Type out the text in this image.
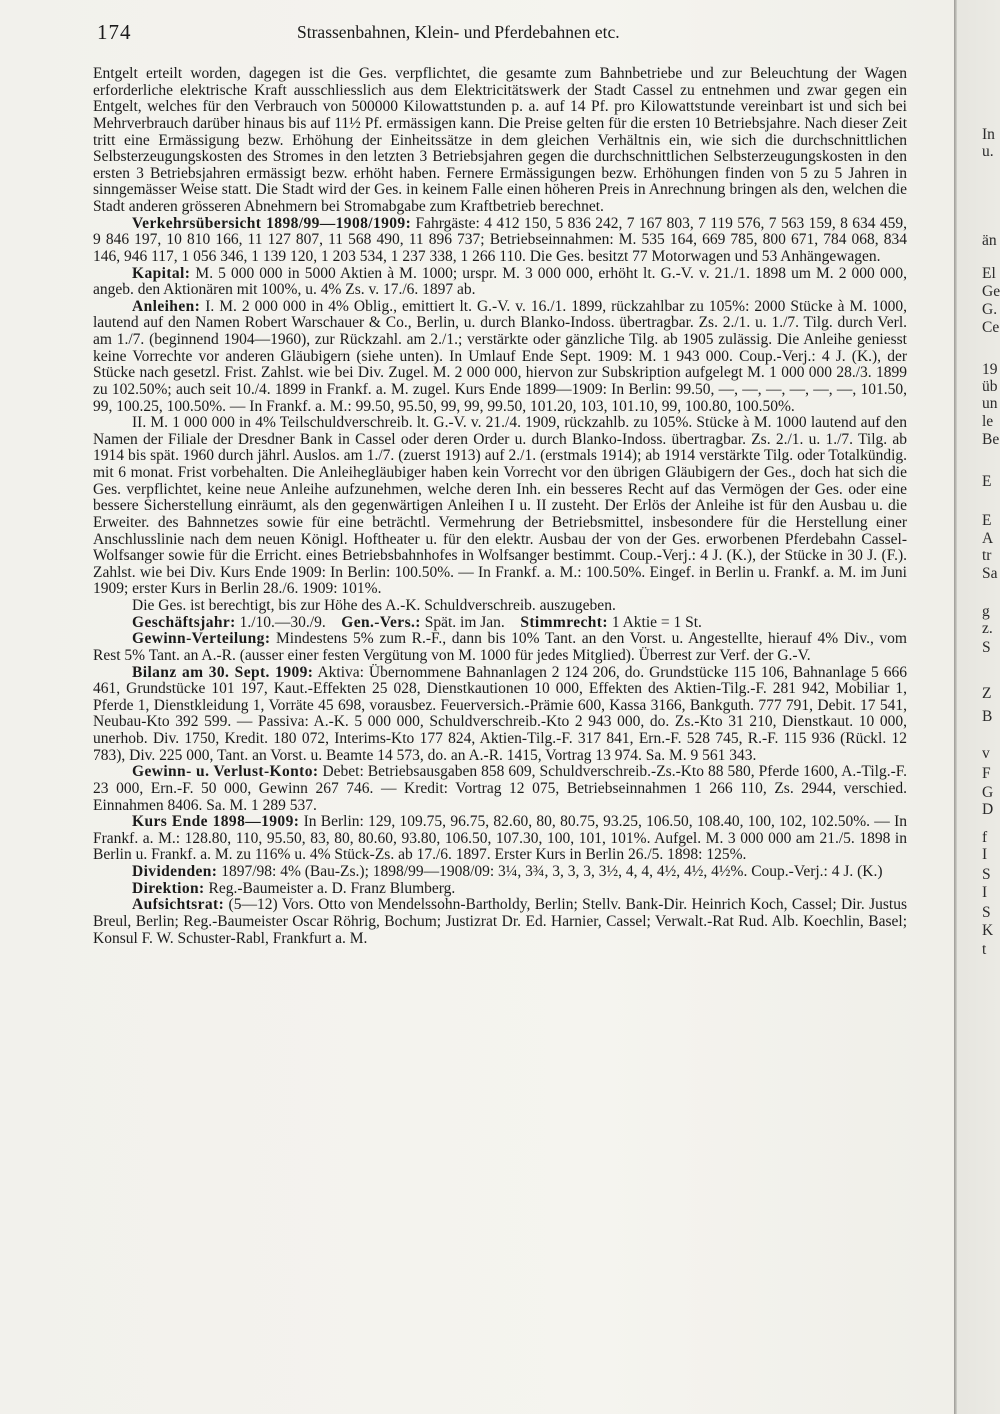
174	Strassenbahnen, Klein- und Pferdebahnen etc.

Entgelt erteilt worden, dagegen ist die Ges. verpflichtet, die gesamte zum Bahnbetriebe und zur Beleuchtung der Wagen erforderliche elektrische Kraft ausschliesslich aus dem Elektricitätswerk der Stadt Cassel zu entnehmen und zwar gegen ein Entgelt, welches für den Verbrauch von 500000 Kilowattstunden p. a. auf 14 Pf. pro Kilowattstunde vereinbart ist und sich bei Mehrverbrauch darüber hinaus bis auf 11½ Pf. ermässigen kann. Die Preise gelten für die ersten 10 Betriebsjahre. Nach dieser Zeit tritt eine Ermässigung bezw. Erhöhung der Einheitssätze in dem gleichen Verhältnis ein, wie sich die durchschnittlichen Selbsterzeugungskosten des Stromes in den letzten 3 Betriebsjahren gegen die durchschnittlichen Selbsterzeugungskosten in den ersten 3 Betriebsjahren ermässigt bezw. erhöht haben. Fernere Ermässigungen bezw. Erhöhungen finden von 5 zu 5 Jahren in sinngemässer Weise statt. Die Stadt wird der Ges. in keinem Falle einen höheren Preis in Anrechnung bringen als den, welchen die Stadt anderen grösseren Abnehmern bei Stromabgabe zum Kraftbetrieb berechnet.

Verkehrsübersicht 1898/99—1908/1909: Fahrgäste: 4 412 150, 5 836 242, 7 167 803, 7 119 576, 7 563 159, 8 634 459, 9 846 197, 10 810 166, 11 127 807, 11 568 490, 11 896 737; Betriebseinnahmen: M. 535 164, 669 785, 800 671, 784 068, 834 146, 946 117, 1 056 346, 1 139 120, 1 203 534, 1 237 338, 1 266 110. Die Ges. besitzt 77 Motorwagen und 53 Anhängewagen.

Kapital: M. 5 000 000 in 5000 Aktien à M. 1000; urspr. M. 3 000 000, erhöht lt. G.-V. v. 21./1. 1898 um M. 2 000 000, angeb. den Aktionären mit 100%, u. 4% Zs. v. 17./6. 1897 ab.

Anleihen: I. M. 2 000 000 in 4% Oblig., emittiert lt. G.-V. v. 16./1. 1899, rückzahlbar zu 105%: 2000 Stücke à M. 1000, lautend auf den Namen Robert Warschauer & Co., Berlin, u. durch Blanko-Indoss. übertragbar. Zs. 2./1. u. 1./7. Tilg. durch Verl. am 1./7. (beginnend 1904—1960), zur Rückzahl. am 2./1.; verstärkte oder gänzliche Tilg. ab 1905 zulässig. Die Anleihe geniesst keine Vorrechte vor anderen Gläubigern (siehe unten). In Umlauf Ende Sept. 1909: M. 1 943 000. Coup.-Verj.: 4 J. (K.), der Stücke nach gesetzl. Frist. Zahlst. wie bei Div. Zugel. M. 2 000 000, hiervon zur Subskription aufgelegt M. 1 000 000 28./3. 1899 zu 102.50%; auch seit 10./4. 1899 in Frankf. a. M. zugel. Kurs Ende 1899—1909: In Berlin: 99.50, —, —, —, —, —, —, 101.50, 99, 100.25, 100.50%. — In Frankf. a. M.: 99.50, 95.50, 99, 99, 99.50, 101.20, 103, 101.10, 99, 100.80, 100.50%.

II. M. 1 000 000 in 4% Teilschuldverschreib. lt. G.-V. v. 21./4. 1909, rückzahlb. zu 105%. Stücke à M. 1000 lautend auf den Namen der Filiale der Dresdner Bank in Cassel oder deren Order u. durch Blanko-Indoss. übertragbar. Zs. 2./1. u. 1./7. Tilg. ab 1914 bis spät. 1960 durch jährl. Auslos. am 1./7. (zuerst 1913) auf 2./1. (erstmals 1914); ab 1914 verstärkte Tilg. oder Totalkündig. mit 6 monat. Frist vorbehalten. Die Anleihegläubiger haben kein Vorrecht vor den übrigen Gläubigern der Ges., doch hat sich die Ges. verpflichtet, keine neue Anleihe aufzunehmen, welche deren Inh. ein besseres Recht auf das Vermögen der Ges. oder eine bessere Sicherstellung einräumt, als den gegenwärtigen Anleihen I u. II zusteht. Der Erlös der Anleihe ist für den Ausbau u. die Erweiter. des Bahnnetzes sowie für eine beträchtl. Vermehrung der Betriebsmittel, insbesondere für die Herstellung einer Anschlusslinie nach dem neuen Königl. Hoftheater u. für den elektr. Ausbau der von der Ges. erworbenen Pferdebahn Cassel-Wolfsanger sowie für die Erricht. eines Betriebsbahnhofes in Wolfsanger bestimmt. Coup.-Verj.: 4 J. (K.), der Stücke in 30 J. (F.). Zahlst. wie bei Div. Kurs Ende 1909: In Berlin: 100.50%. — In Frankf. a. M.: 100.50%. Eingef. in Berlin u. Frankf. a. M. im Juni 1909; erster Kurs in Berlin 28./6. 1909: 101%.

Die Ges. ist berechtigt, bis zur Höhe des A.-K. Schuldverschreib. auszugeben.

Geschäftsjahr: 1./10.—30./9. Gen.-Vers.: Spät. im Jan. Stimmrecht: 1 Aktie = 1 St.

Gewinn-Verteilung: Mindestens 5% zum R.-F., dann bis 10% Tant. an den Vorst. u. Angestellte, hierauf 4% Div., vom Rest 5% Tant. an A.-R. (ausser einer festen Vergütung von M. 1000 für jedes Mitglied). Überrest zur Verf. der G.-V.

Bilanz am 30. Sept. 1909: Aktiva: Übernommene Bahnanlagen 2 124 206, do. Grundstücke 115 106, Bahnanlage 5 666 461, Grundstücke 101 197, Kaut.-Effekten 25 028, Dienstkautionen 10 000, Effekten des Aktien-Tilg.-F. 281 942, Mobiliar 1, Pferde 1, Dienstkleidung 1, Vorräte 45 698, vorausbez. Feuerversich.-Prämie 600, Kassa 3166, Bankguth. 777 791, Debit. 17 541, Neubau-Kto 392 599. — Passiva: A.-K. 5 000 000, Schuldverschreib.-Kto 2 943 000, do. Zs.-Kto 31 210, Dienstkaut. 10 000, unerhob. Div. 1750, Kredit. 180 072, Interims-Kto 177 824, Aktien-Tilg.-F. 317 841, Ern.-F. 528 745, R.-F. 115 936 (Rückl. 12 783), Div. 225 000, Tant. an Vorst. u. Beamte 14 573, do. an A.-R. 1415, Vortrag 13 974. Sa. M. 9 561 343.

Gewinn- u. Verlust-Konto: Debet: Betriebsausgaben 858 609, Schuldverschreib.-Zs.-Kto 88 580, Pferde 1600, A.-Tilg.-F. 23 000, Ern.-F. 50 000, Gewinn 267 746. — Kredit: Vortrag 12 075, Betriebseinnahmen 1 266 110, Zs. 2944, verschied. Einnahmen 8406. Sa. M. 1 289 537.

Kurs Ende 1898—1909: In Berlin: 129, 109.75, 96.75, 82.60, 80, 80.75, 93.25, 106.50, 108.40, 100, 102, 102.50%. — In Frankf. a. M.: 128.80, 110, 95.50, 83, 80, 80.60, 93.80, 106.50, 107.30, 100, 101, 101%. Aufgel. M. 3 000 000 am 21./5. 1898 in Berlin u. Frankf. a. M. zu 116% u. 4% Stück-Zs. ab 17./6. 1897. Erster Kurs in Berlin 26./5. 1898: 125%.

Dividenden: 1897/98: 4% (Bau-Zs.); 1898/99—1908/09: 3¼, 3¾, 3, 3, 3, 3½, 4, 4, 4½, 4½, 4½%. Coup.-Verj.: 4 J. (K.)

Direktion: Reg.-Baumeister a. D. Franz Blumberg.

Aufsichtsrat: (5—12) Vors. Otto von Mendelssohn-Bartholdy, Berlin; Stellv. Bank-Dir. Heinrich Koch, Cassel; Dir. Justus Breul, Berlin; Reg.-Baumeister Oscar Röhrig, Bochum; Justizrat Dr. Ed. Harnier, Cassel; Verwalt.-Rat Rud. Alb. Koechlin, Basel; Konsul F. W. Schuster-Rabl, Frankfurt a. M.

In
u.
än
El
Ge
G.
Ce
19
üb
un
le
Be
E
E
A
tr
Sa
g
z.
S
Z
B
v
F
G
D
f
I
S
I
S
K
t
